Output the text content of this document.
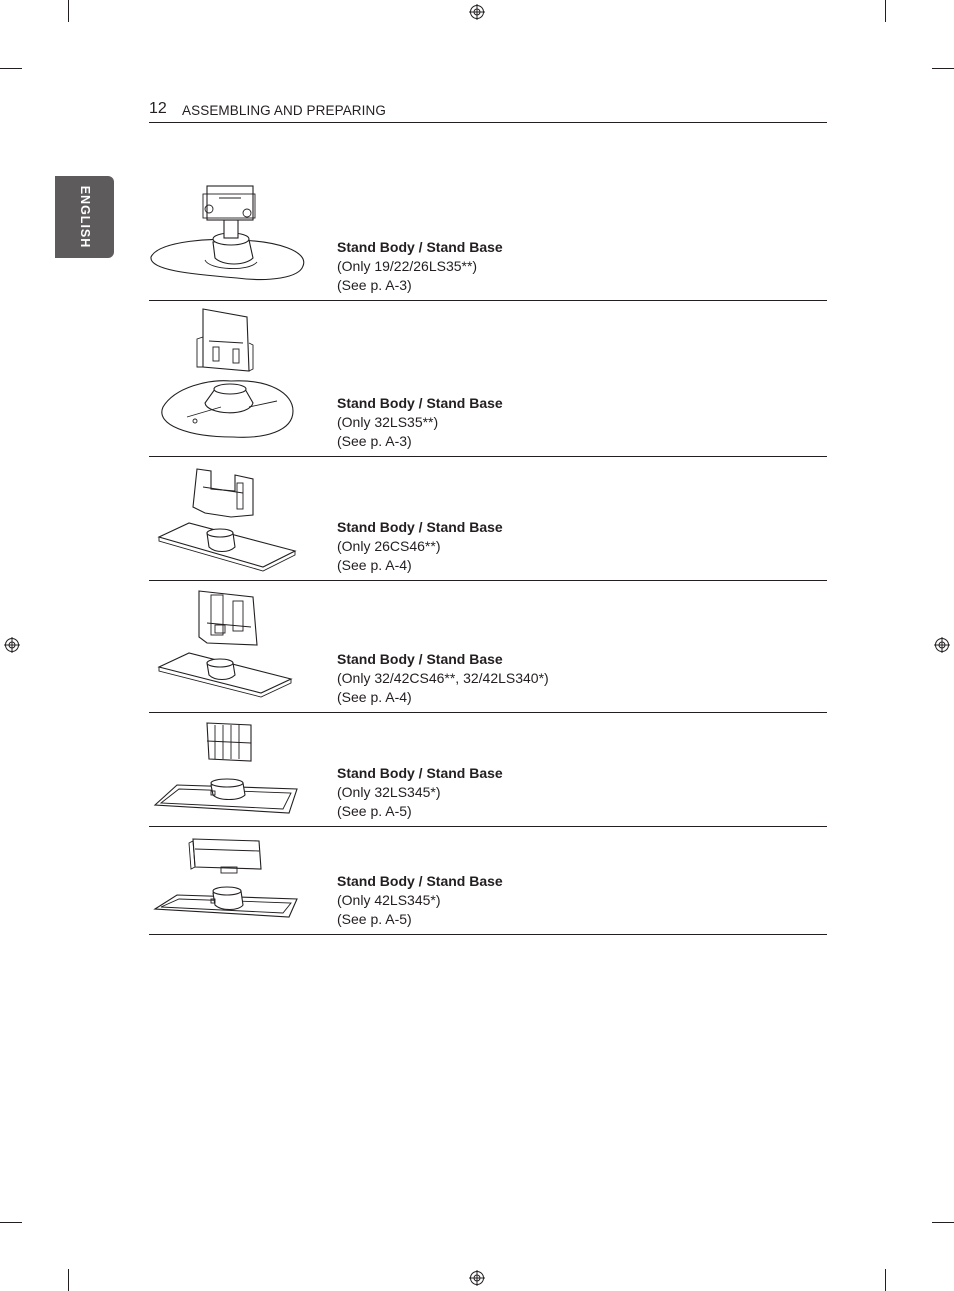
12 ASSEMBLING AND PREPARING
ENGLISH	Stand Body / Stand Base
(Only 19/22/26LS35**)
(See p. A-3)
Stand Body / Stand Base
(Only 32LS35**)
(See p. A-3)
Stand Body / Stand Base
(Only 26CS46**)
(See p. A-4)
Stand Body / Stand Base
(Only 32/42CS46**, 32/42LS340*)
(See p. A-4)
Stand Body / Stand Base
(Only 32LS345*)
(See p. A-5)
Stand Body / Stand Base
(Only 42LS345*)
(See p. A-5)
